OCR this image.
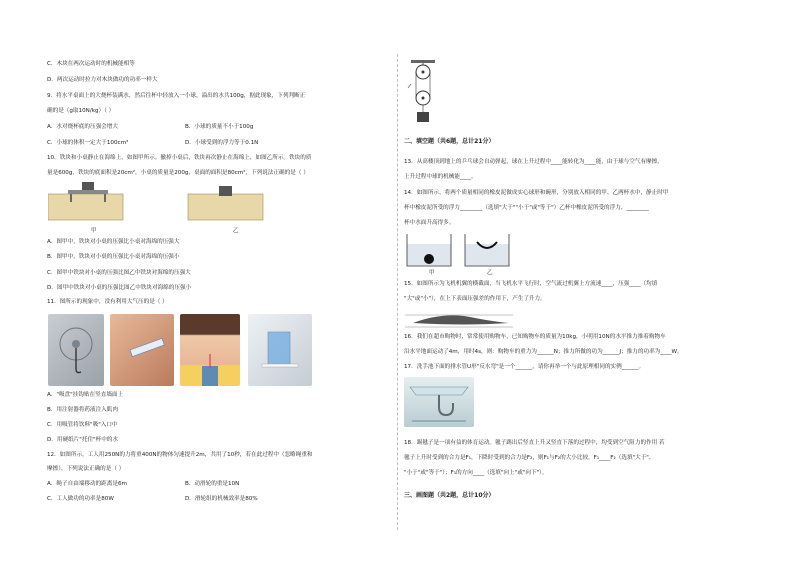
C．木块在两次运动时的机械能相等
D．两次运动时拉力对木块做功的功率一样大
9．将水平桌面上的大烧杯装满水，然后往杯中轻放入一小球，溢出的水共100g，据此现象，下列判断正
确的是（g取10N/kg）（ ）
A．水对烧杯底的压强会增大	B．小球的质量不小于100g
C．小球的体积一定大于100cm³	D．小球受到的浮力等于0.1N
10．铁块和小桌静止在海绵上，如图甲所示。撤掉小桌后，铁块再次静止在海绵上，如图乙所示。铁块的质
量是600g，铁块的底面积是20cm²，小桌的质量是200g，桌面的面积是80cm²，下列说法正确的是（ ）
甲	乙
A．图甲中，铁块对小桌的压强比小桌对海绵的压强大
B．图甲中，铁块对小桌的压强比小桌对海绵的压强小
C．图甲中铁块对小桌的压强比图乙中铁块对海绵的压强大
D．图甲中铁块对小桌的压强比图乙中铁块对海绵的压强小
11．图所示的现象中，没有利用大气压的是（ ）
A．"吸盘"挂钩贴在竖直墙面上
B．用注射器将药液注入肌肉
C．用吸管将饮料"吸"入口中
D．用硬纸片"托住"杯中的水
12．如图所示，工人用250N的力将重400N的物体匀速提升2m，共用了10秒，若在此过程中（忽略绳重和
摩擦），下列说法正确的是（ ）
A．绳子自由端移动的距离是6m	B．动滑轮的重是10N
C．工人做功的功率是80W	D．滑轮组的机械效率是80%
二、填空题（共6题，总计21分）
13．从高楼顶到地上的乒乓球会自动弹起，球在上升过程中____能转化为____能，由于球与空气有摩擦，
上升过程中球的机械能____。
14．如图所示，将两个质量相同的橡皮泥做成实心球形和碗形，分别放入相同的甲、乙两杯水中，静止时甲
杯中橡皮泥所受的浮力________（选填"大于""小于"或"等于"）乙杯中橡皮泥所受的浮力，________
杯中水面升高得多。
甲	乙
15．如图所示为飞机机翼的横截面，当飞机水平飞行时，空气流过机翼上方流速____，压强____（均填
"大"或"小"），在上下表面压强差的作用下，产生了升力。
16．我们在超市购物时，常常使用购物车，已知购物车的质量为10kg，小明用10N的水平推力推着购物车
沿水平地面运动了4m，用时4s，则：购物车的重力为______N；推力所做的功为______J；推力的功率为____W。
17．洗手池下面的排水管U形"反水弯"是一个______，请你再举一个与此原理相同的实例______。
18．踢毽子是一项有益的体育运动。毽子踢出后竖直上升又竖直下落的过程中，均受到空气阻力的作用 若
毽子上升时受到的合力是F₁，下降时受到的合力是F₂，则F₁与F₂的大小比较，F₁____F₂（选填"大于"、
"小于"或"等于"）；F₁的方向____（选填"向上"或"向下"）。
三、画图题（共2题，总计10分）
